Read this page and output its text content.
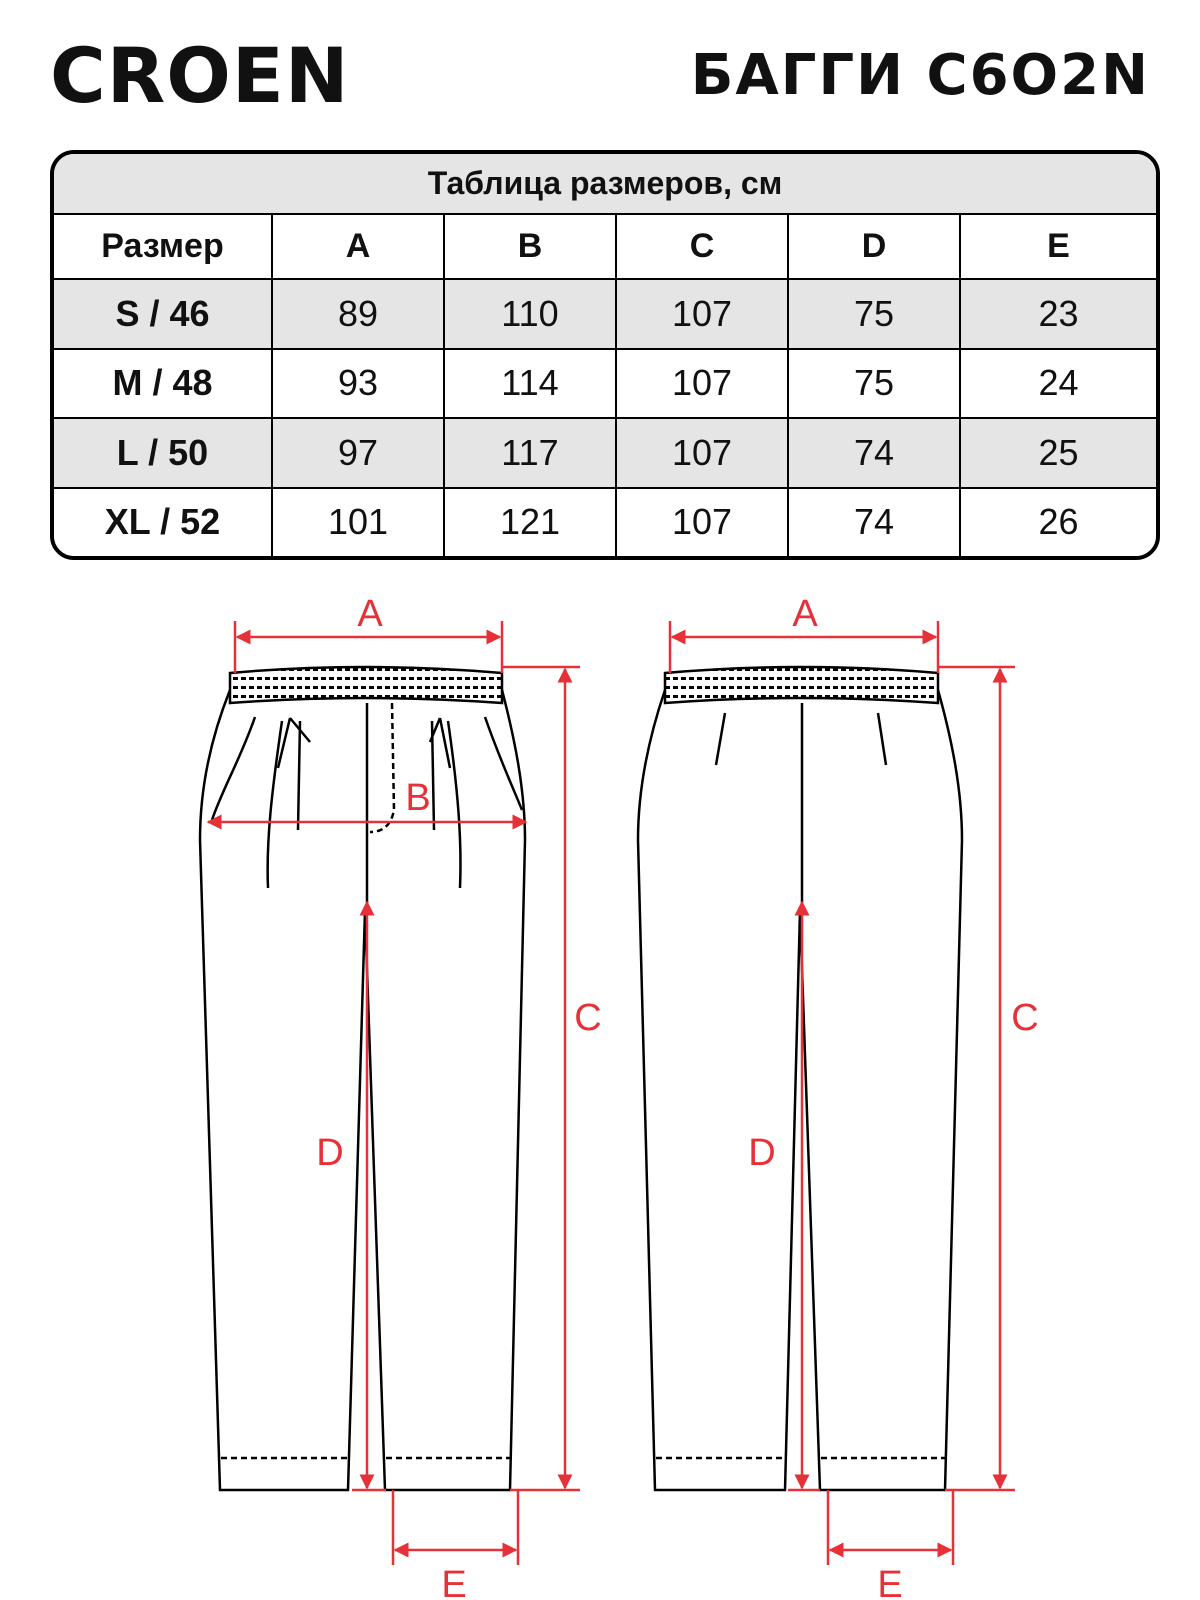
CROEN	БАГГИ C6O2N
Таблица размеров, см					
Размер	A	B	C	D	E
S / 46	89	110	107	75	23
M / 48	93	114	107	75	24
L / 50	97	117	107	74	25
XL / 52	101	121	107	74	26
A
B
C
D
E
A
C
D
E
